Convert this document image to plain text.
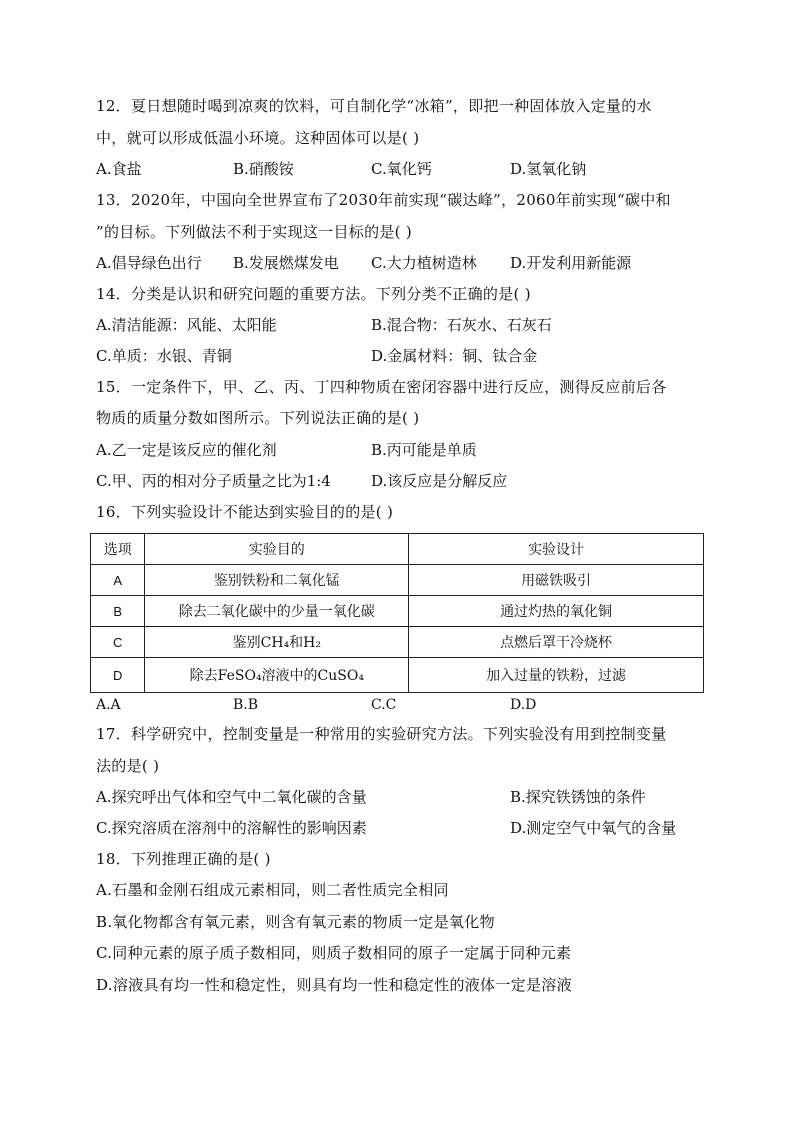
12．夏日想随时喝到凉爽的饮料，可自制化学“冰箱”，即把一种固体放入定量的水
中，就可以形成低温小环境。这种固体可以是( )
A.食盐	B.硝酸铵	C.氧化钙	D.氢氧化钠
13．2020年，中国向全世界宣布了2030年前实现“碳达峰”，2060年前实现“碳中和
”的目标。下列做法不利于实现这一目标的是( )
A.倡导绿色出行 B.发展燃煤发电 C.大力植树造林 D.开发利用新能源
14．分类是认识和研究问题的重要方法。下列分类不正确的是( )
A.清洁能源：风能、太阳能	B.混合物：石灰水、石灰石
C.单质：水银、青铜	D.金属材料：铜、钛合金
15．一定条件下，甲、乙、丙、丁四种物质在密闭容器中进行反应，测得反应前后各
物质的质量分数如图所示。下列说法正确的是( )
A.乙一定是该反应的催化剂	B.丙可能是单质
C.甲、丙的相对分子质量之比为1:4	D.该反应是分解反应
16．下列实验设计不能达到实验目的的是( )
选项	实验目的	实验设计
A	鉴别铁粉和二氧化锰	用磁铁吸引
B	除去二氧化碳中的少量一氧化碳	通过灼热的氧化铜
C	鉴别CH₄和H₂	点燃后罩干冷烧杯
D	除去FeSO₄溶液中的CuSO₄	加入过量的铁粉，过滤
A.A	B.B	C.C	D.D
17．科学研究中，控制变量是一种常用的实验研究方法。下列实验没有用到控制变量
法的是( )
A.探究呼出气体和空气中二氧化碳的含量	B.探究铁锈蚀的条件
C.探究溶质在溶剂中的溶解性的影响因素	D.测定空气中氧气的含量
18．下列推理正确的是( )
A.石墨和金刚石组成元素相同，则二者性质完全相同
B.氧化物都含有氧元素，则含有氧元素的物质一定是氧化物
C.同种元素的原子质子数相同，则质子数相同的原子一定属于同种元素
D.溶液具有均一性和稳定性，则具有均一性和稳定性的液体一定是溶液
